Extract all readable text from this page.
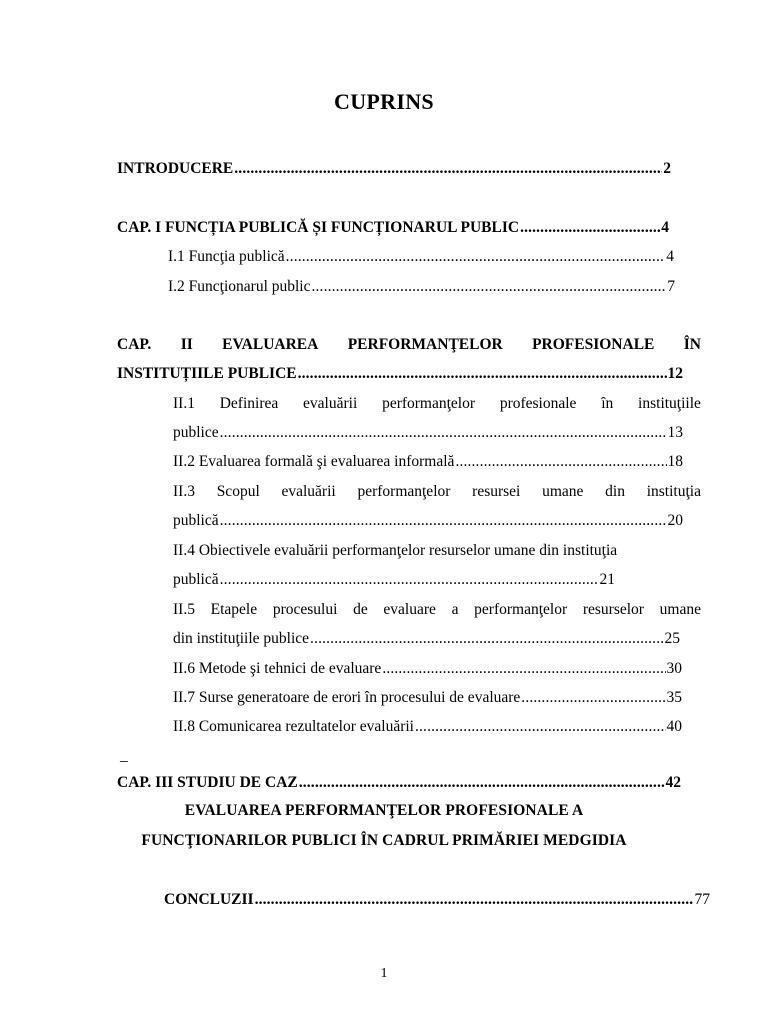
CUPRINS
INTRODUCERE .....	2
CAP. I FUNCȚIA PUBLICĂ ȘI FUNCȚIONARUL PUBLIC .....	4
I.1 Funcţia publică .....	4
I.2 Funcţionarul public .....	7
CAP. II EVALUAREA PERFORMANŢELOR PROFESIONALE ÎN
INSTITUȚIILE PUBLICE .....	12
II.1 Definirea evaluării performanţelor profesionale în instituţiile
publice .....	13
II.2 Evaluarea formală şi evaluarea informală .....	18
II.3 Scopul evaluării performanţelor resursei umane din instituţia
publică .....	20
II.4 Obiectivele evaluării performanţelor resurselor umane din instituţia
publică .....	21
II.5 Etapele procesului de evaluare a performanţelor resurselor umane
din instituţiile publice .....	25
II.6 Metode şi tehnici de evaluare .....	30
II.7 Surse generatoare de erori în procesului de evaluare .....	35
II.8 Comunicarea rezultatelor evaluării .....	40
_
CAP. III STUDIU DE CAZ .....	42
EVALUAREA PERFORMANŢELOR PROFESIONALE A
FUNCŢIONARILOR PUBLICI ÎN CADRUL PRIMĂRIEI MEDGIDIA
CONCLUZII .....	77
1
